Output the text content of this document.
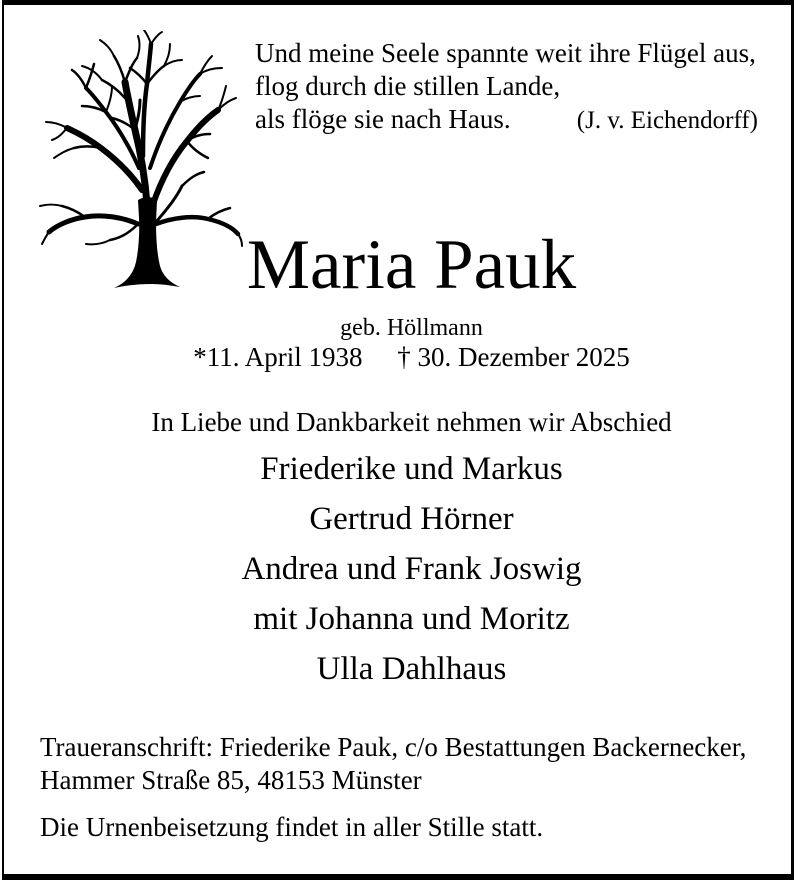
Und meine Seele spannte weit ihre Flügel aus,
flog durch die stillen Lande,
als flöge sie nach Haus.	(J. v. Eichendorff)
Maria Pauk
geb. Höllmann
*11. April 1938 † 30. Dezember 2025
In Liebe und Dankbarkeit nehmen wir Abschied
Friederike und Markus
Gertrud Hörner
Andrea und Frank Joswig
mit Johanna und Moritz
Ulla Dahlhaus
Traueranschrift: Friederike Pauk, c/o Bestattungen Backernecker,
Hammer Straße 85, 48153 Münster
Die Urnenbeisetzung findet in aller Stille statt.
